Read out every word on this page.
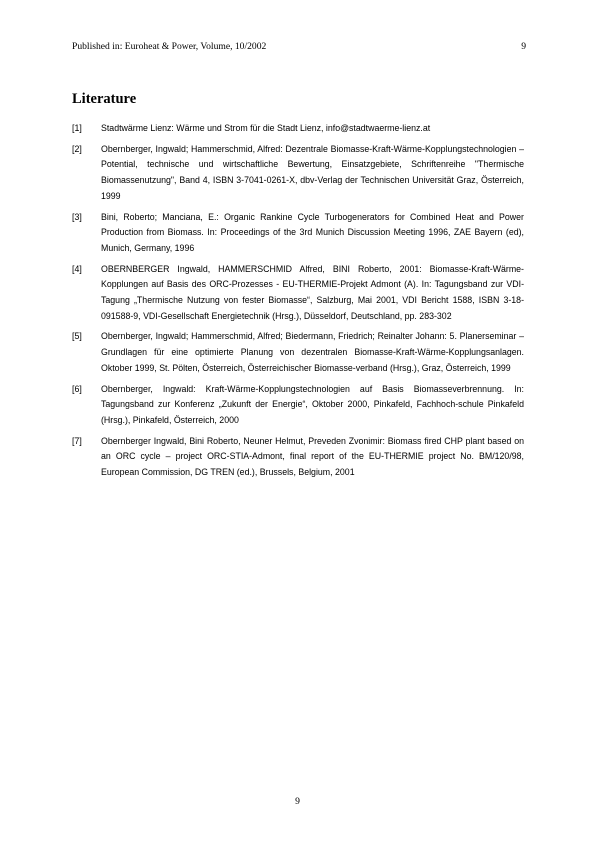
Published in: Euroheat & Power, Volume, 10/2002	9
Literature
[1] Stadtwärme Lienz: Wärme und Strom für die Stadt Lienz, info@stadtwaerme-lienz.at
[2] Obernberger, Ingwald; Hammerschmid, Alfred: Dezentrale Biomasse-Kraft-Wärme-Kopplungstechnologien – Potential, technische und wirtschaftliche Bewertung, Einsatzgebiete, Schriftenreihe "Thermische Biomassenutzung", Band 4, ISBN 3-7041-0261-X, dbv-Verlag der Technischen Universität Graz, Österreich, 1999
[3] Bini, Roberto; Manciana, E.: Organic Rankine Cycle Turbogenerators for Combined Heat and Power Production from Biomass. In: Proceedings of the 3rd Munich Discussion Meeting 1996, ZAE Bayern (ed), Munich, Germany, 1996
[4] OBERNBERGER Ingwald, HAMMERSCHMID Alfred, BINI Roberto, 2001: Biomasse-Kraft-Wärme-Kopplungen auf Basis des ORC-Prozesses - EU-THERMIE-Projekt Admont (A). In: Tagungsband zur VDI-Tagung „Thermische Nutzung von fester Biomasse“, Salzburg, Mai 2001, VDI Bericht 1588, ISBN 3-18-091588-9, VDI-Gesellschaft Energietechnik (Hrsg.), Düsseldorf, Deutschland, pp. 283-302
[5] Obernberger, Ingwald; Hammerschmid, Alfred; Biedermann, Friedrich; Reinalter Johann: 5. Planerseminar –Grundlagen für eine optimierte Planung von dezentralen Biomasse-Kraft-Wärme-Kopplungsanlagen. Oktober 1999, St. Pölten, Österreich, Österreichischer Biomasse-verband (Hrsg.), Graz, Österreich, 1999
[6] Obernberger, Ingwald: Kraft-Wärme-Kopplungstechnologien auf Basis Biomasseverbrennung. In: Tagungsband zur Konferenz „Zukunft der Energie“, Oktober 2000, Pinkafeld, Fachhoch-schule Pinkafeld (Hrsg.), Pinkafeld, Österreich, 2000
[7] Obernberger Ingwald, Bini Roberto, Neuner Helmut, Preveden Zvonimir: Biomass fired CHP plant based on an ORC cycle – project ORC-STIA-Admont, final report of the EU-THERMIE project No. BM/120/98, European Commission, DG TREN (ed.), Brussels, Belgium, 2001
9
